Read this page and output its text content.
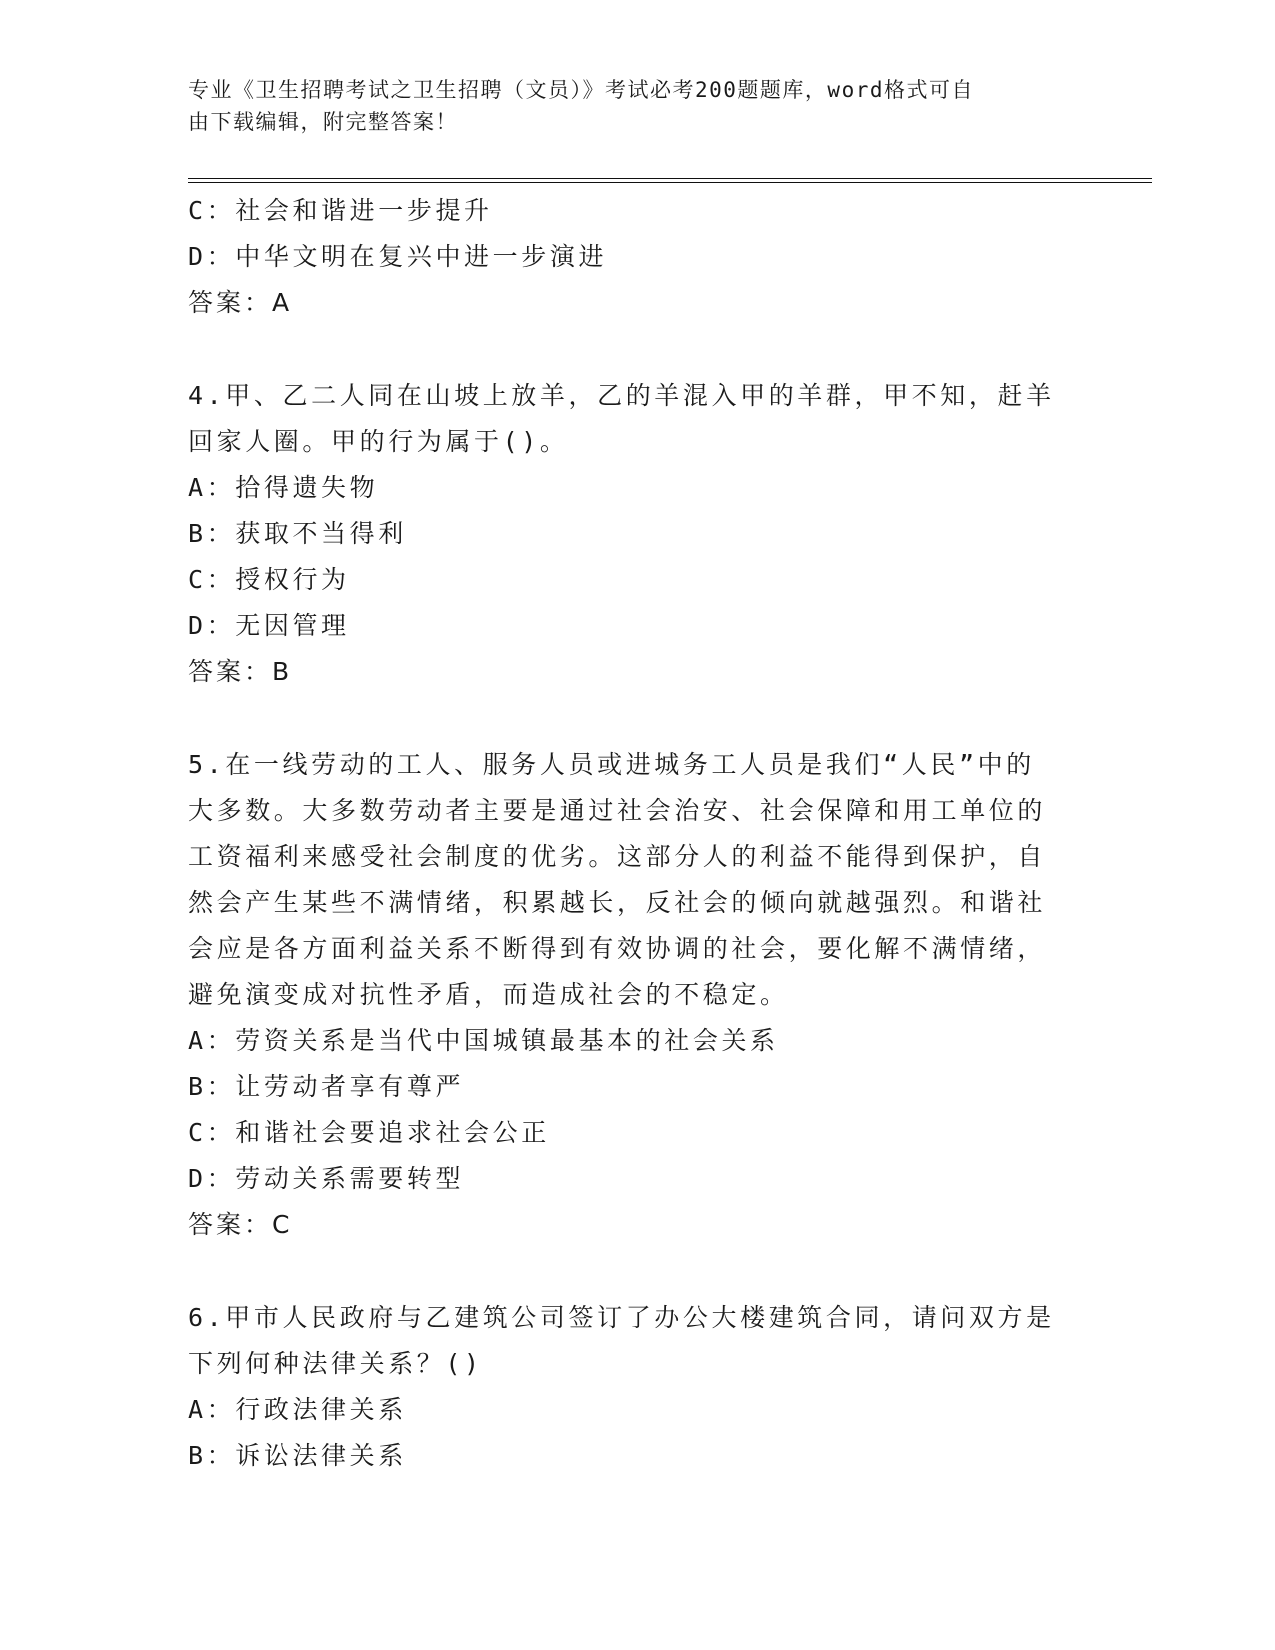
专业《卫生招聘考试之卫生招聘（文员）》考试必考200题题库，word格式可自
由下载编辑，附完整答案！
C：社会和谐进一步提升
D：中华文明在复兴中进一步演进
答案：A
4.甲、乙二人同在山坡上放羊，乙的羊混入甲的羊群，甲不知，赶羊
回家人圈。甲的行为属于()。
A：拾得遗失物
B：获取不当得利
C：授权行为
D：无因管理
答案：B
5.在一线劳动的工人、服务人员或进城务工人员是我们“人民”中的
大多数。大多数劳动者主要是通过社会治安、社会保障和用工单位的
工资福利来感受社会制度的优劣。这部分人的利益不能得到保护，自
然会产生某些不满情绪，积累越长，反社会的倾向就越强烈。和谐社
会应是各方面利益关系不断得到有效协调的社会，要化解不满情绪，
避免演变成对抗性矛盾，而造成社会的不稳定。
A：劳资关系是当代中国城镇最基本的社会关系
B：让劳动者享有尊严
C：和谐社会要追求社会公正
D：劳动关系需要转型
答案：C
6.甲市人民政府与乙建筑公司签订了办公大楼建筑合同，请问双方是
下列何种法律关系？()
A：行政法律关系
B：诉讼法律关系
